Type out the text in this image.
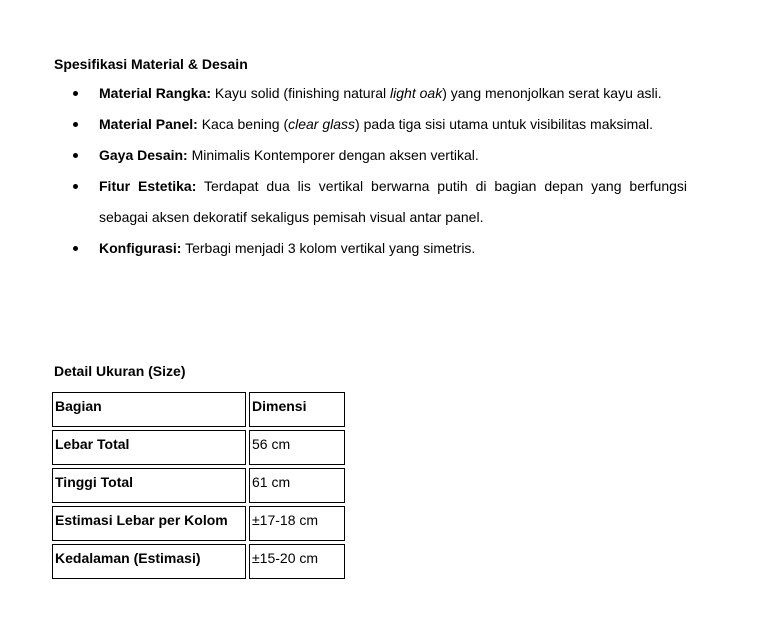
Spesifikasi Material & Desain
Material Rangka: Kayu solid (finishing natural light oak) yang menonjolkan serat kayu asli.
Material Panel: Kaca bening (clear glass) pada tiga sisi utama untuk visibilitas maksimal.
Gaya Desain: Minimalis Kontemporer dengan aksen vertikal.
Fitur Estetika: Terdapat dua lis vertikal berwarna putih di bagian depan yang berfungsi sebagai aksen dekoratif sekaligus pemisah visual antar panel.
Konfigurasi: Terbagi menjadi 3 kolom vertikal yang simetris.
Detail Ukuran (Size)
Bagian	Dimensi

Lebar Total	56 cm

Tinggi Total	61 cm

Estimasi Lebar per Kolom	±17-18 cm

Kedalaman (Estimasi)	±15-20 cm
